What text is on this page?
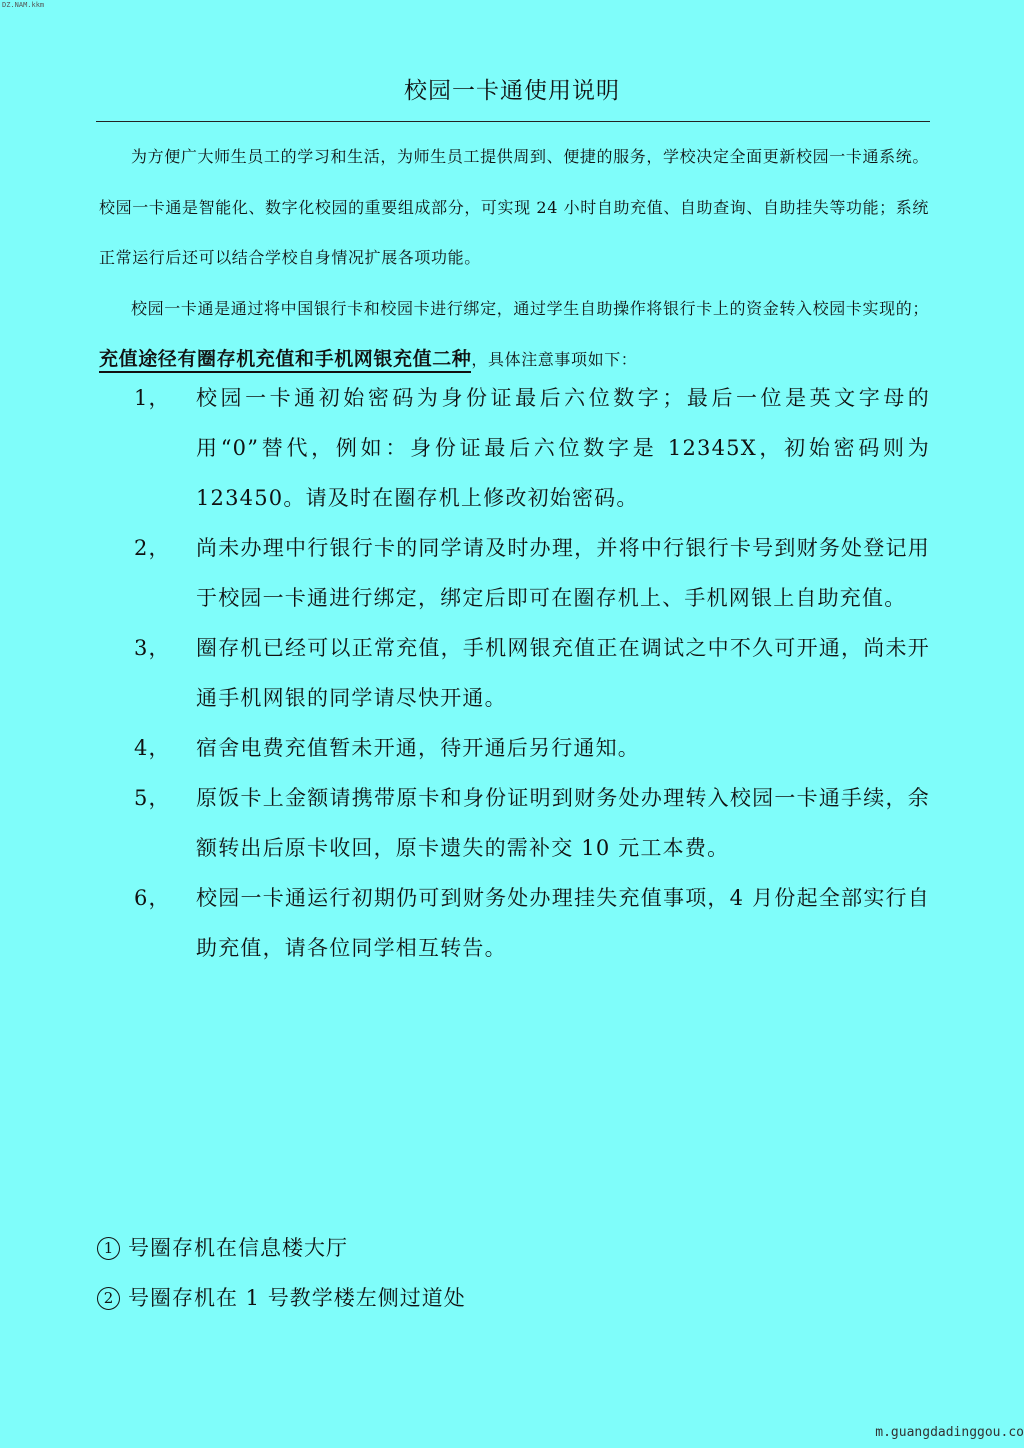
DZ.NAM.kkm
校园一卡通使用说明

为方便广大师生员工的学习和生活，为师生员工提供周到、便捷的服务，学校决定全面更新校园一卡通系统。校园一卡通是智能化、数字化校园的重要组成部分，可实现 24 小时自助充值、自助查询、自助挂失等功能；系统正常运行后还可以结合学校自身情况扩展各项功能。

校园一卡通是通过将中国银行卡和校园卡进行绑定，通过学生自助操作将银行卡上的资金转入校园卡实现的；充值途径有圈存机充值和手机网银充值二种，具体注意事项如下：

1，	校园一卡通初始密码为身份证最后六位数字；最后一位是英文字母的用“0”替代，例如：身份证最后六位数字是 12345X，初始密码则为 123450。请及时在圈存机上修改初始密码。
2，	尚未办理中行银行卡的同学请及时办理，并将中行银行卡号到财务处登记用于校园一卡通进行绑定，绑定后即可在圈存机上、手机网银上自助充值。
3，	圈存机已经可以正常充值，手机网银充值正在调试之中不久可开通，尚未开通手机网银的同学请尽快开通。
4，	宿舍电费充值暂未开通，待开通后另行通知。
5，	原饭卡上金额请携带原卡和身份证明到财务处办理转入校园一卡通手续，余额转出后原卡收回，原卡遗失的需补交 10 元工本费。
6，	校园一卡通运行初期仍可到财务处办理挂失充值事项，4 月份起全部实行自助充值，请各位同学相互转告。
1 号圈存机在信息楼大厅
2 号圈存机在 1 号教学楼左侧过道处
m.guangdadinggou.co
